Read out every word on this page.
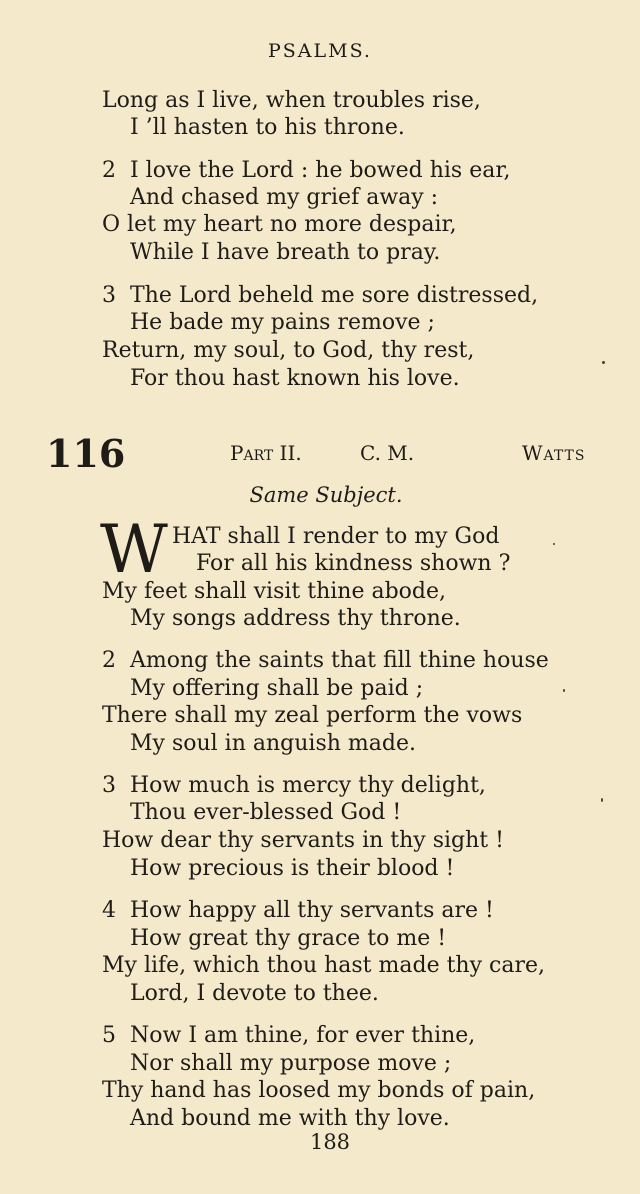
PSALMS.
Long as I live, when troubles rise,
I ’ll hasten to his throne.
2 I love the Lord : he bowed his ear,
And chased my grief away :
O let my heart no more despair,
While I have breath to pray.
3 The Lord beheld me sore distressed,
He bade my pains remove ;
Return, my soul, to God, thy rest,
For thou hast known his love.
116	Part II.	C. M.	Watts
Same Subject.
W HAT shall I render to my God
For all his kindness shown ?
My feet shall visit thine abode,
My songs address thy throne.
2 Among the saints that fill thine house
My offering shall be paid ;
There shall my zeal perform the vows
My soul in anguish made.
3 How much is mercy thy delight,
Thou ever-blessed God !
How dear thy servants in thy sight !
How precious is their blood !
4 How happy all thy servants are !
How great thy grace to me !
My life, which thou hast made thy care,
Lord, I devote to thee.
5 Now I am thine, for ever thine,
Nor shall my purpose move ;
Thy hand has loosed my bonds of pain,
And bound me with thy love.
188
